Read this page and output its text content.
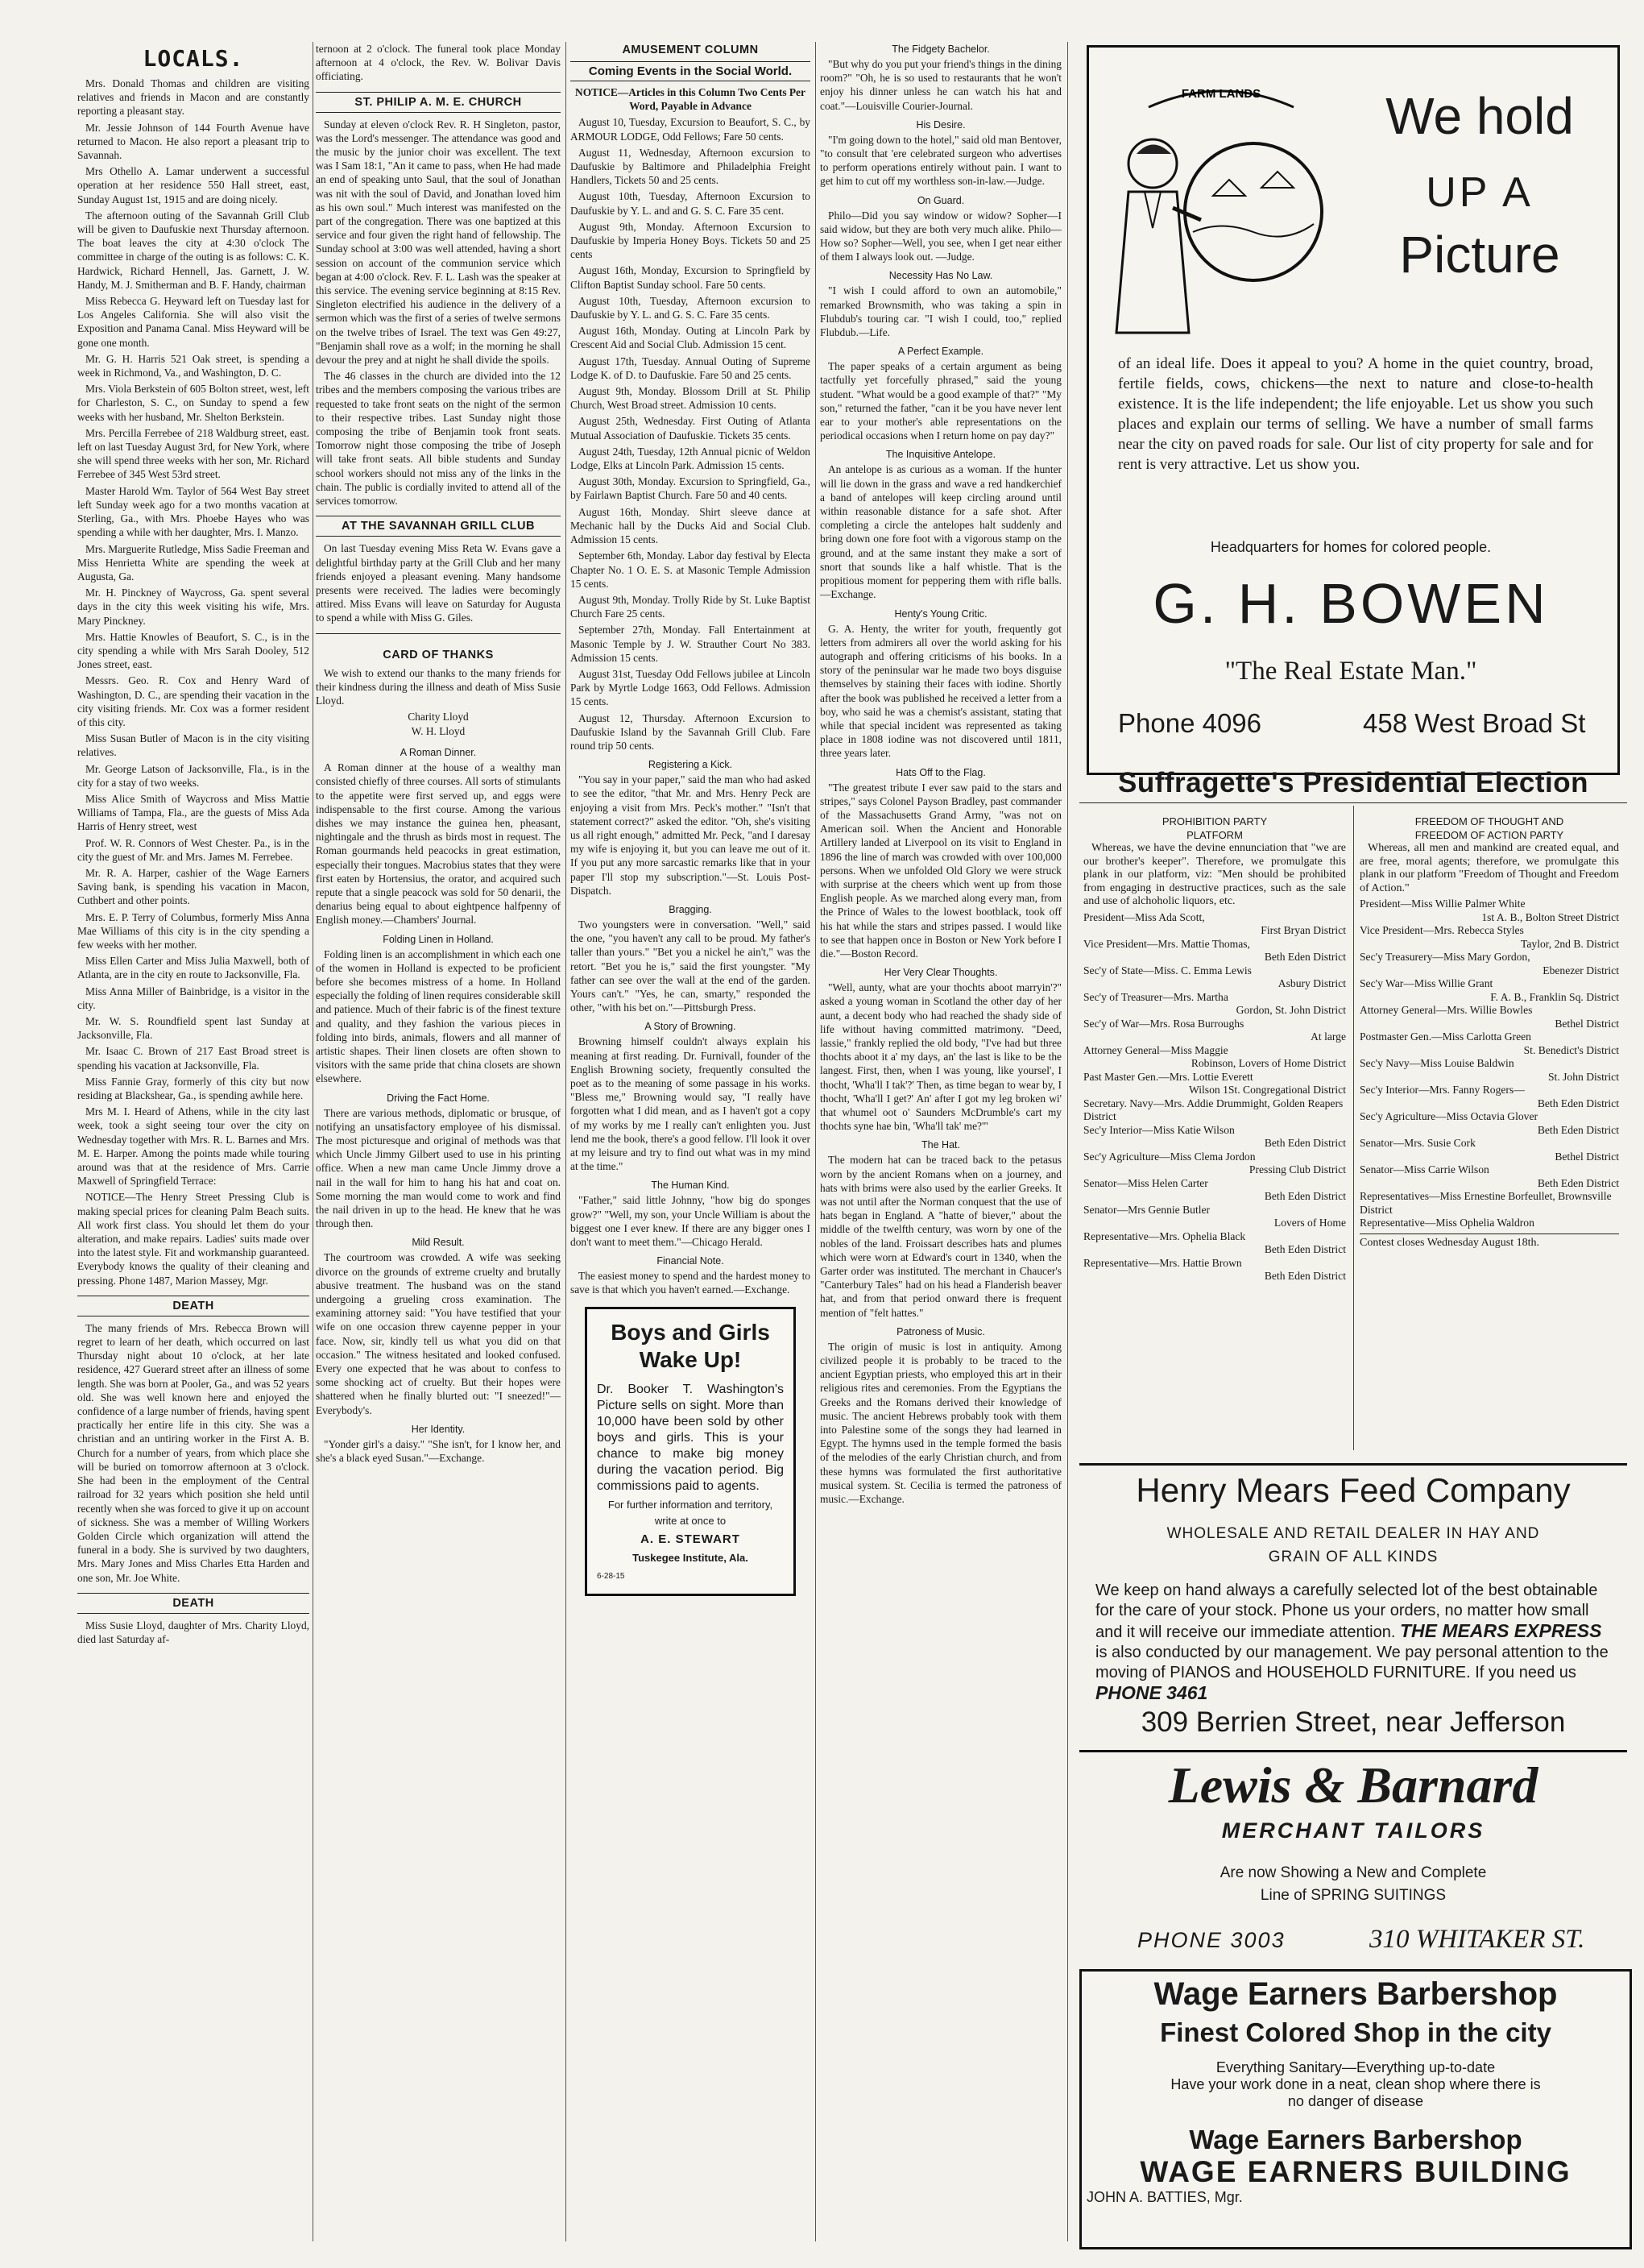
LOCALS.

Mrs. Donald Thomas and children are visiting relatives and friends in Macon and are constantly reporting a pleasant stay.

Mr. Jessie Johnson of 144 Fourth Avenue have returned to Macon. He also report a pleasant trip to Savannah.

Mrs Othello A. Lamar underwent a successful operation at her residence 550 Hall street, east, Sunday August 1st, 1915 and are doing nicely.

The afternoon outing of the Savannah Grill Club will be given to Daufuskie next Thursday afternoon. The boat leaves the city at 4:30 o'clock The committee in charge of the outing is as follows: C. K. Hardwick, Richard Hennell, Jas. Garnett, J. W. Handy, M. J. Smitherman and B. F. Handy, chairman

Miss Rebecca G. Heyward left on Tuesday last for Los Angeles California. She will also visit the Exposition and Panama Canal. Miss Heyward will be gone one month.

Mr. G. H. Harris 521 Oak street, is spending a week in Richmond, Va., and Washington, D. C.

Mrs. Viola Berkstein of 605 Bolton street, west, left for Charleston, S. C., on Sunday to spend a few weeks with her husband, Mr. Shelton Berkstein.

Mrs. Percilla Ferrebee of 218 Waldburg street, east. left on last Tuesday August 3rd, for New York, where she will spend three weeks with her son, Mr. Richard Ferrebee of 345 West 53rd street.

Master Harold Wm. Taylor of 564 West Bay street left Sunday week ago for a two months vacation at Sterling, Ga., with Mrs. Phoebe Hayes who was spending a while with her daughter, Mrs. I. Manzo.

Mrs. Marguerite Rutledge, Miss Sadie Freeman and Miss Henrietta White are spending the week at Augusta, Ga.

Mr. H. Pinckney of Waycross, Ga. spent several days in the city this week visiting his wife, Mrs. Mary Pinckney.

Mrs. Hattie Knowles of Beaufort, S. C., is in the city spending a while with Mrs Sarah Dooley, 512 Jones street, east.

Messrs. Geo. R. Cox and Henry Ward of Washington, D. C., are spending their vacation in the city visiting friends. Mr. Cox was a former resident of this city.

Miss Susan Butler of Macon is in the city visiting relatives.

Mr. George Latson of Jacksonville, Fla., is in the city for a stay of two weeks.

Miss Alice Smith of Waycross and Miss Mattie Williams of Tampa, Fla., are the guests of Miss Ada Harris of Henry street, west

Prof. W. R. Connors of West Chester. Pa., is in the city the guest of Mr. and Mrs. James M. Ferrebee.

Mr. R. A. Harper, cashier of the Wage Earners Saving bank, is spending his vacation in Macon, Cuthbert and other points.

Mrs. E. P. Terry of Columbus, formerly Miss Anna Mae Williams of this city is in the city spending a few weeks with her mother.

Miss Ellen Carter and Miss Julia Maxwell, both of Atlanta, are in the city en route to Jacksonville, Fla.

Miss Anna Miller of Bainbridge, is a visitor in the city.

Mr. W. S. Roundfield spent last Sunday at Jacksonville, Fla.

Mr. Isaac C. Brown of 217 East Broad street is spending his vacation at Jacksonville, Fla.

Miss Fannie Gray, formerly of this city but now residing at Blackshear, Ga., is spending awhile here.

Mrs M. I. Heard of Athens, while in the city last week, took a sight seeing tour over the city on Wednesday together with Mrs. R. L. Barnes and Mrs. M. E. Harper. Among the points made while touring around was that at the residence of Mrs. Carrie Maxwell of Springfield Terrace:

NOTICE—The Henry Street Pressing Club is making special prices for cleaning Palm Beach suits. All work first class. You should let them do your alteration, and make repairs. Ladies' suits made over into the latest style. Fit and workmanship guaranteed. Everybody knows the quality of their cleaning and pressing. Phone 1487, Marion Massey, Mgr.

DEATH

The many friends of Mrs. Rebecca Brown will regret to learn of her death, which occurred on last Thursday night about 10 o'clock, at her late residence, 427 Guerard street after an illness of some length. She was born at Pooler, Ga., and was 52 years old. She was well known here and enjoyed the confidence of a large number of friends, having spent practically her entire life in this city. She was a christian and an untiring worker in the First A. B. Church for a number of years, from which place she will be buried on tomorrow afternoon at 3 o'clock. She had been in the employment of the Central railroad for 32 years which position she held until recently when she was forced to give it up on account of sickness. She was a member of Willing Workers Golden Circle which organization will attend the funeral in a body. She is survived by two daughters, Mrs. Mary Jones and Miss Charles Etta Harden and one son, Mr. Joe White.

DEATH

Miss Susie Lloyd, daughter of Mrs. Charity Lloyd, died last Saturday af-

ternoon at 2 o'clock. The funeral took place Monday afternoon at 4 o'clock, the Rev. W. Bolivar Davis officiating.

ST. PHILIP A. M. E. CHURCH

Sunday at eleven o'clock Rev. R. H Singleton, pastor, was the Lord's messenger. The attendance was good and the music by the junior choir was excellent. The text was I Sam 18:1, "An it came to pass, when He had made an end of speaking unto Saul, that the soul of Jonathan was nit with the soul of David, and Jonathan loved him as his own soul." Much interest was manifested on the part of the congregation. There was one baptized at this service and four given the right hand of fellowship. The Sunday school at 3:00 was well attended, having a short session on account of the communion service which began at 4:00 o'clock. Rev. F. L. Lash was the speaker at this service. The evening service beginning at 8:15 Rev. Singleton electrified his audience in the delivery of a sermon which was the first of a series of twelve sermons on the twelve tribes of Israel. The text was Gen 49:27, "Benjamin shall rove as a wolf; in the morning he shall devour the prey and at night he shall divide the spoils.

The 46 classes in the church are divided into the 12 tribes and the members composing the various tribes are requested to take front seats on the night of the sermon to their respective tribes. Last Sunday night those composing the tribe of Benjamin took front seats. Tomorrow night those composing the tribe of Joseph will take front seats. All bible students and Sunday school workers should not miss any of the links in the chain. The public is cordially invited to attend all of the services tomorrow.

AT THE SAVANNAH GRILL CLUB

On last Tuesday evening Miss Reta W. Evans gave a delightful birthday party at the Grill Club and her many friends enjoyed a pleasant evening. Many handsome presents were received. The ladies were becomingly attired. Miss Evans will leave on Saturday for Augusta to spend a while with Miss G. Giles.

CARD OF THANKS

We wish to extend our thanks to the many friends for their kindness during the illness and death of Miss Susie Lloyd.

Charity Lloyd
W. H. Lloyd
A Roman Dinner.

A Roman dinner at the house of a wealthy man consisted chiefly of three courses. All sorts of stimulants to the appetite were first served up, and eggs were indispensable to the first course. Among the various dishes we may instance the guinea hen, pheasant, nightingale and the thrush as birds most in request. The Roman gourmands held peacocks in great estimation, especially their tongues. Macrobius states that they were first eaten by Hortensius, the orator, and acquired such repute that a single peacock was sold for 50 denarii, the denarius being equal to about eightpence halfpenny of English money.—Chambers' Journal.

Folding Linen in Holland.

Folding linen is an accomplishment in which each one of the women in Holland is expected to be proficient before she becomes mistress of a home. In Holland especially the folding of linen requires considerable skill and patience. Much of their fabric is of the finest texture and quality, and they fashion the various pieces in folding into birds, animals, flowers and all manner of artistic shapes. Their linen closets are often shown to visitors with the same pride that china closets are shown elsewhere.

Driving the Fact Home.

There are various methods, diplomatic or brusque, of notifying an unsatisfactory employee of his dismissal. The most picturesque and original of methods was that which Uncle Jimmy Gilbert used to use in his printing office. When a new man came Uncle Jimmy drove a nail in the wall for him to hang his hat and coat on. Some morning the man would come to work and find the nail driven in up to the head. He knew that he was through then.

Mild Result.

The courtroom was crowded. A wife was seeking divorce on the grounds of extreme cruelty and brutally abusive treatment. The husband was on the stand undergoing a grueling cross examination. The examining attorney said: "You have testified that your wife on one occasion threw cayenne pepper in your face. Now, sir, kindly tell us what you did on that occasion." The witness hesitated and looked confused. Every one expected that he was about to confess to some shocking act of cruelty. But their hopes were shattered when he finally blurted out: "I sneezed!"—Everybody's.

Her Identity.

"Yonder girl's a daisy." "She isn't, for I know her, and she's a black eyed Susan."—Exchange.

AMUSEMENT COLUMN
Coming Events in the Social World.

NOTICE—Articles in this Column Two Cents Per Word, Payable in Advance

August 10, Tuesday, Excursion to Beaufort, S. C., by ARMOUR LODGE, Odd Fellows; Fare 50 cents.

August 11, Wednesday, Afternoon excursion to Daufuskie by Baltimore and Philadelphia Freight Handlers, Tickets 50 and 25 cents.

August 10th, Tuesday, Afternoon Excursion to Daufuskie by Y. L. and and G. S. C. Fare 35 cent.

August 9th, Monday. Afternoon Excursion to Daufuskie by Imperia Honey Boys. Tickets 50 and 25 cents

August 16th, Monday, Excursion to Springfield by Clifton Baptist Sunday school. Fare 50 cents.

August 10th, Tuesday, Afternoon excursion to Daufuskie by Y. L. and G. S. C. Fare 35 cents.

August 16th, Monday. Outing at Lincoln Park by Crescent Aid and Social Club. Admission 15 cent.

August 17th, Tuesday. Annual Outing of Supreme Lodge K. of D. to Daufuskie. Fare 50 and 25 cents.

August 9th, Monday. Blossom Drill at St. Philip Church, West Broad street. Admission 10 cents.

August 25th, Wednesday. First Outing of Atlanta Mutual Association of Daufuskie. Tickets 35 cents.

August 24th, Tuesday, 12th Annual picnic of Weldon Lodge, Elks at Lincoln Park. Admission 15 cents.

August 30th, Monday. Excursion to Springfield, Ga., by Fairlawn Baptist Church. Fare 50 and 40 cents.

August 16th, Monday. Shirt sleeve dance at Mechanic hall by the Ducks Aid and Social Club. Admission 15 cents.

September 6th, Monday. Labor day festival by Electa Chapter No. 1 O. E. S. at Masonic Temple Admission 15 cents.

August 9th, Monday. Trolly Ride by St. Luke Baptist Church Fare 25 cents.

September 27th, Monday. Fall Entertainment at Masonic Temple by J. W. Strauther Court No 383. Admission 15 cents.

August 31st, Tuesday Odd Fellows jubilee at Lincoln Park by Myrtle Lodge 1663, Odd Fellows. Admission 15 cents.

August 12, Thursday. Afternoon Excursion to Daufuskie Island by the Savannah Grill Club. Fare round trip 50 cents.

Registering a Kick.

"You say in your paper," said the man who had asked to see the editor, "that Mr. and Mrs. Henry Peck are enjoying a visit from Mrs. Peck's mother." "Isn't that statement correct?" asked the editor. "Oh, she's visiting us all right enough," admitted Mr. Peck, "and I daresay my wife is enjoying it, but you can leave me out of it. If you put any more sarcastic remarks like that in your paper I'll stop my subscription."—St. Louis Post-Dispatch.

Bragging.

Two youngsters were in conversation. "Well," said the one, "you haven't any call to be proud. My father's taller than yours." "Bet you a nickel he ain't," was the retort. "Bet you he is," said the first youngster. "My father can see over the wall at the end of the garden. Yours can't." "Yes, he can, smarty," responded the other, "with his bet on."—Pittsburgh Press.

A Story of Browning.

Browning himself couldn't always explain his meaning at first reading. Dr. Furnivall, founder of the English Browning society, frequently consulted the poet as to the meaning of some passage in his works. "Bless me," Browning would say, "I really have forgotten what I did mean, and as I haven't got a copy of my works by me I really can't enlighten you. Just lend me the book, there's a good fellow. I'll look it over at my leisure and try to find out what was in my mind at the time."

The Human Kind.

"Father," said little Johnny, "how big do sponges grow?" "Well, my son, your Uncle William is about the biggest one I ever knew. If there are any bigger ones I don't want to meet them."—Chicago Herald.

Financial Note.

The easiest money to spend and the hardest money to save is that which you haven't earned.—Exchange.

Boys and Girls Wake Up!

Dr. Booker T. Washington's Picture sells on sight. More than 10,000 have been sold by other boys and girls. This is your chance to make big money during the vacation period. Big commissions paid to agents.

For further information and territory, write at once to

A. E. STEWART

Tuskegee Institute, Ala.

6-28-15

The Fidgety Bachelor.

"But why do you put your friend's things in the dining room?" "Oh, he is so used to restaurants that he won't enjoy his dinner unless he can watch his hat and coat."—Louisville Courier-Journal.

His Desire.

"I'm going down to the hotel," said old man Bentover, "to consult that 'ere celebrated surgeon who advertises to perform operations entirely without pain. I want to get him to cut off my worthless son-in-law.—Judge.

On Guard.

Philo—Did you say window or widow? Sopher—I said widow, but they are both very much alike. Philo—How so? Sopher—Well, you see, when I get near either of them I always look out. —Judge.

Necessity Has No Law.

"I wish I could afford to own an automobile," remarked Brownsmith, who was taking a spin in Flubdub's touring car. "I wish I could, too," replied Flubdub.—Life.

A Perfect Example.

The paper speaks of a certain argument as being tactfully yet forcefully phrased," said the young student. "What would be a good example of that?" "My son," returned the father, "can it be you have never lent ear to your mother's able representations on the periodical occasions when I return home on pay day?"

The Inquisitive Antelope.

An antelope is as curious as a woman. If the hunter will lie down in the grass and wave a red handkerchief a band of antelopes will keep circling around until within reasonable distance for a safe shot. After completing a circle the antelopes halt suddenly and bring down one fore foot with a vigorous stamp on the ground, and at the same instant they make a sort of snort that sounds like a half whistle. That is the propitious moment for peppering them with rifle balls.—Exchange.

Henty's Young Critic.

G. A. Henty, the writer for youth, frequently got letters from admirers all over the world asking for his autograph and offering criticisms of his books. In a story of the peninsular war he made two boys disguise themselves by staining their faces with iodine. Shortly after the book was published he received a letter from a boy, who said he was a chemist's assistant, stating that while that special incident was represented as taking place in 1808 iodine was not discovered until 1811, three years later.

Hats Off to the Flag.

"The greatest tribute I ever saw paid to the stars and stripes," says Colonel Payson Bradley, past commander of the Massachusetts Grand Army, "was not on American soil. When the Ancient and Honorable Artillery landed at Liverpool on its visit to England in 1896 the line of march was crowded with over 100,000 persons. When we unfolded Old Glory we were struck with surprise at the cheers which went up from those English people. As we marched along every man, from the Prince of Wales to the lowest bootblack, took off his hat while the stars and stripes passed. I would like to see that happen once in Boston or New York before I die."—Boston Record.

Her Very Clear Thoughts.

"Well, aunty, what are your thochts aboot marryin'?" asked a young woman in Scotland the other day of her aunt, a decent body who had reached the shady side of life without having committed matrimony. "Deed, lassie," frankly replied the old body, "I've had but three thochts aboot it a' my days, an' the last is like to be the langest. First, then, when I was young, like yoursel', I thocht, 'Wha'll I tak'?' Then, as time began to wear by, I thocht, 'Wha'll I get?' An' after I got my leg broken wi' that whumel oot o' Saunders McDrumble's cart my thochts syne hae bin, 'Wha'll tak' me?'"

The Hat.

The modern hat can be traced back to the petasus worn by the ancient Romans when on a journey, and hats with brims were also used by the earlier Greeks. It was not until after the Norman conquest that the use of hats began in England. A "hatte of biever," about the middle of the twelfth century, was worn by one of the nobles of the land. Froissart describes hats and plumes which were worn at Edward's court in 1340, when the Garter order was instituted. The merchant in Chaucer's "Canterbury Tales" had on his head a Flanderish beaver hat, and from that period onward there is frequent mention of "felt hattes."

Patroness of Music.

The origin of music is lost in antiquity. Among civilized people it is probably to be traced to the ancient Egyptian priests, who employed this art in their religious rites and ceremonies. From the Egyptians the Greeks and the Romans derived their knowledge of music. The ancient Hebrews probably took with them into Palestine some of the songs they had learned in Egypt. The hymns used in the temple formed the basis of the melodies of the early Christian church, and from these hymns was formulated the first authoritative musical system. St. Cecilia is termed the patroness of music.—Exchange.

FARM LANDS	We hold
UP A
Picture
of an ideal life. Does it appeal to you? A home in the quiet country, broad, fertile fields, cows, chickens—the next to nature and close-to-health existence. It is the life independent; the life enjoyable. Let us show you such places and explain our terms of selling. We have a number of small farms near the city on paved roads for sale. Our list of city property for sale and for rent is very attractive. Let us show you.
Headquarters for homes for colored people.
G. H. BOWEN
"The Real Estate Man."
Phone 4096	458 West Broad St
Suffragette's Presidential Election
PROHIBITION PARTY
PLATFORM

Whereas, we have the devine ennunciation that "we are our brother's keeper". Therefore, we promulgate this plank in our platform, viz: "Men should be prohibited from engaging in destructive practices, such as the sale and use of alchoholic liquors, etc.

President—Miss Ada Scott,
First Bryan District
Vice President—Mrs. Mattie Thomas,
Beth Eden District
Sec'y of State—Miss. C. Emma Lewis
Asbury District
Sec'y of Treasurer—Mrs. Martha
Gordon, St. John District
Sec'y of War—Mrs. Rosa Burroughs
At large
Attorney General—Miss Maggie
Robinson, Lovers of Home District
Past Master Gen.—Mrs. Lottie Everett
Wilson 1St. Congregational District
Secretary. Navy—Mrs. Addie Drummight, Golden Reapers District
Sec'y Interior—Miss Katie Wilson
Beth Eden District
Sec'y Agriculture—Miss Clema Jordon
Pressing Club District
Senator—Miss Helen Carter
Beth Eden District
Senator—Mrs Gennie Butler
Lovers of Home
Representative—Mrs. Ophelia Black
Beth Eden District
Representative—Mrs. Hattie Brown
Beth Eden District
FREEDOM OF THOUGHT AND
FREEDOM OF ACTION PARTY

Whereas, all men and mankind are created equal, and are free, moral agents; therefore, we promulgate this plank in our platform "Freedom of Thought and Freedom of Action."

President—Miss Willie Palmer White
1st A. B., Bolton Street District
Vice President—Mrs. Rebecca Styles
Taylor, 2nd B. District
Sec'y Treasurery—Miss Mary Gordon,
Ebenezer District
Sec'y War—Miss Willie Grant
F. A. B., Franklin Sq. District
Attorney General—Mrs. Willie Bowles
Bethel District
Postmaster Gen.—Miss Carlotta Green
St. Benedict's District
Sec'y Navy—Miss Louise Baldwin
St. John District
Sec'y Interior—Mrs. Fanny Rogers—
Beth Eden District
Sec'y Agriculture—Miss Octavia Glover
Beth Eden District
Senator—Mrs. Susie Cork
Bethel District
Senator—Miss Carrie Wilson
Beth Eden District
Representatives—Miss Ernestine Borfeullet, Brownsville District
Representative—Miss Ophelia Waldron
Contest closes Wednesday August 18th.
Henry Mears Feed Company
WHOLESALE AND RETAIL DEALER IN HAY AND
GRAIN OF ALL KINDS
We keep on hand always a carefully selected lot of the best obtainable for the care of your stock. Phone us your orders, no matter how small and it will receive our immediate attention. THE MEARS EXPRESS is also conducted by our management. We pay personal attention to the moving of PIANOS and HOUSEHOLD FURNITURE. If you need us PHONE 3461
309 Berrien Street, near Jefferson
Lewis & Barnard
MERCHANT TAILORS
Are now Showing a New and Complete
Line of SPRING SUITINGS
PHONE 3003	310 WHITAKER ST.
Wage Earners Barbershop
Finest Colored Shop in the city
Everything Sanitary—Everything up-to-date
Have your work done in a neat, clean shop where there is
no danger of disease
Wage Earners Barbershop
WAGE EARNERS BUILDING
JOHN A. BATTIES, Mgr.
